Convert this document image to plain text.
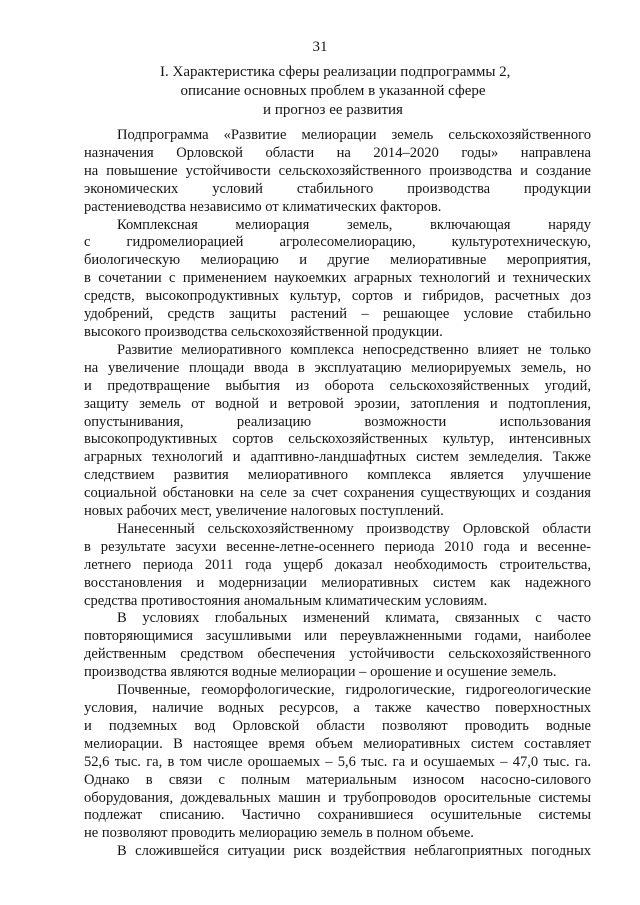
31
I. Характеристика сферы реализации подпрограммы 2,
описание основных проблем в указанной сфере
и прогноз ее развития

Подпрограмма «Развитие мелиорации земель сельскохозяйственного
назначения Орловской области на 2014–2020 годы» направлена
на повышение устойчивости сельскохозяйственного производства и создание
экономических условий стабильного производства продукции
растениеводства независимо от климатических факторов.

Комплексная мелиорация земель, включающая наряду
с гидромелиорацией агролесомелиорацию, культуротехническую,
биологическую мелиорацию и другие мелиоративные мероприятия,
в сочетании с применением наукоемких аграрных технологий и технических
средств, высокопродуктивных культур, сортов и гибридов, расчетных доз
удобрений, средств защиты растений – решающее условие стабильно
высокого производства сельскохозяйственной продукции.

Развитие мелиоративного комплекса непосредственно влияет не только
на увеличение площади ввода в эксплуатацию мелиорируемых земель, но
и предотвращение выбытия из оборота сельскохозяйственных угодий,
защиту земель от водной и ветровой эрозии, затопления и подтопления,
опустынивания, реализацию возможности использования
высокопродуктивных сортов сельскохозяйственных культур, интенсивных
аграрных технологий и адаптивно-ландшафтных систем земледелия. Также
следствием развития мелиоративного комплекса является улучшение
социальной обстановки на селе за счет сохранения существующих и создания
новых рабочих мест, увеличение налоговых поступлений.

Нанесенный сельскохозяйственному производству Орловской области
в результате засухи весенне-летне-осеннего периода 2010 года и весенне-
летнего периода 2011 года ущерб доказал необходимость строительства,
восстановления и модернизации мелиоративных систем как надежного
средства противостояния аномальным климатическим условиям.

В условиях глобальных изменений климата, связанных с часто
повторяющимися засушливыми или переувлажненными годами, наиболее
действенным средством обеспечения устойчивости сельскохозяйственного
производства являются водные мелиорации – орошение и осушение земель.

Почвенные, геоморфологические, гидрологические, гидрогеологические
условия, наличие водных ресурсов, а также качество поверхностных
и подземных вод Орловской области позволяют проводить водные
мелиорации. В настоящее время объем мелиоративных систем составляет
52,6 тыс. га, в том числе орошаемых – 5,6 тыс. га и осушаемых – 47,0 тыс. га.
Однако в связи с полным материальным износом насосно-силового
оборудования, дождевальных машин и трубопроводов оросительные системы
подлежат списанию. Частично сохранившиеся осушительные системы
не позволяют проводить мелиорацию земель в полном объеме.

В сложившейся ситуации риск воздействия неблагоприятных погодных
